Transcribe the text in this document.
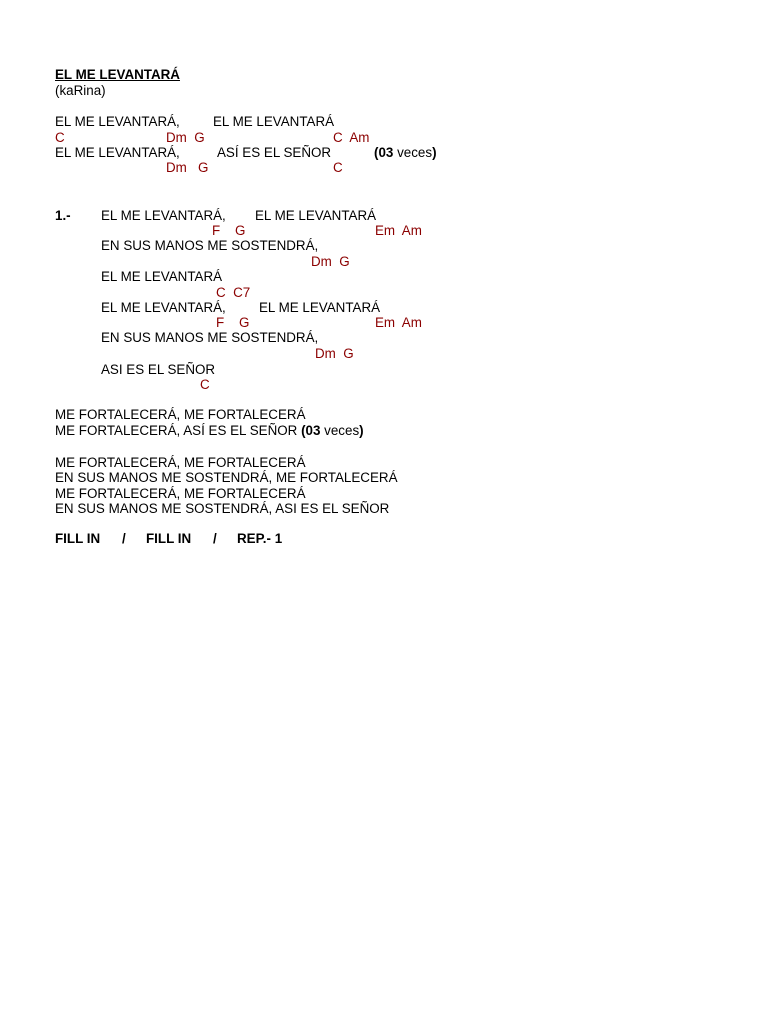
EL ME LEVANTARÁ
(kaRina)
EL ME LEVANTARÁ, EL ME LEVANTARÁ
C	Dm  G	C  Am
EL ME LEVANTARÁ,	ASÍ ES EL SEÑOR	(03 veces)
Dm   G	C
1.- EL ME LEVANTARÁ, EL ME LEVANTARÁ
F    G	Em  Am
EN SUS MANOS ME SOSTENDRÁ,
Dm  G
EL ME LEVANTARÁ
C  C7
EL ME LEVANTARÁ, EL ME LEVANTARÁ
F    G	Em  Am
EN SUS MANOS ME SOSTENDRÁ,
Dm  G
ASI ES EL SEÑOR
C
ME FORTALECERÁ, ME FORTALECERÁ
ME FORTALECERÁ, ASÍ ES EL SEÑOR (03 veces)
ME FORTALECERÁ, ME FORTALECERÁ
EN SUS MANOS ME SOSTENDRÁ, ME FORTALECERÁ
ME FORTALECERÁ, ME FORTALECERÁ
EN SUS MANOS ME SOSTENDRÁ, ASI ES EL SEÑOR
FILL IN / FILL IN / REP.- 1
